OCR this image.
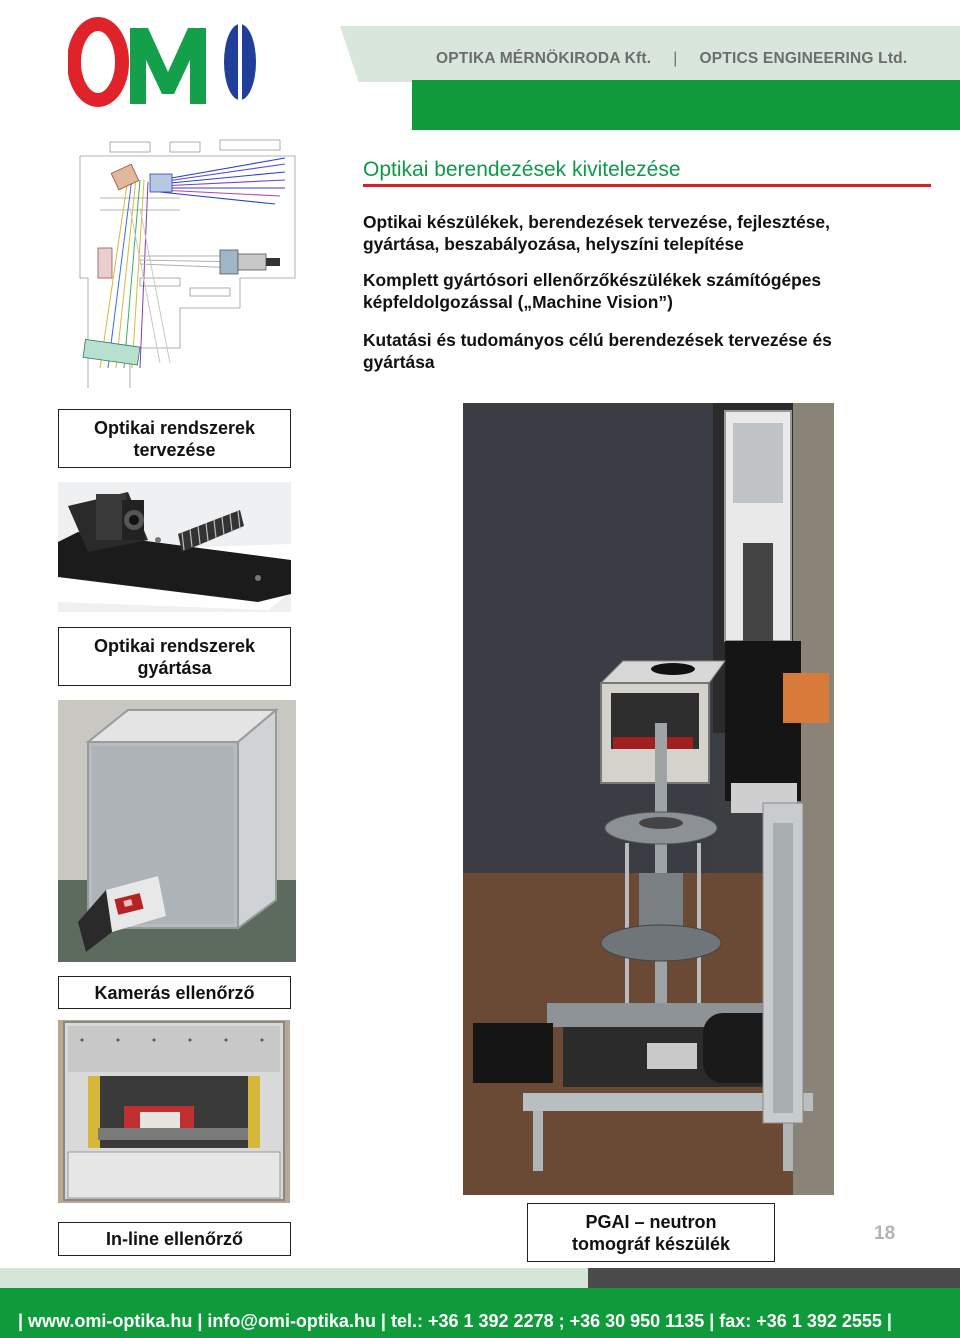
OPTIKA MÉRNÖKIRODA Kft. | OPTICS ENGINEERING Ltd.
Optikai berendezések kivitelezése
Optikai készülékek, berendezések tervezése, fejlesztése, gyártása, beszabályozása, helyszíni telepítése
Komplett gyártósori ellenőrzőkészülékek számítógépes képfeldolgozással („Machine Vision”)
Kutatási és tudományos célú berendezések tervezése és gyártása
Optikai rendszerek
tervezése
Optikai rendszerek
gyártása
Kamerás ellenőrző
In-line ellenőrző
PGAI – neutron
tomográf készülék	18
| www.omi-optika.hu | info@omi-optika.hu | tel.: +36 1 392 2278 ; +36 30 950 1135 | fax: +36 1 392 2555 |
